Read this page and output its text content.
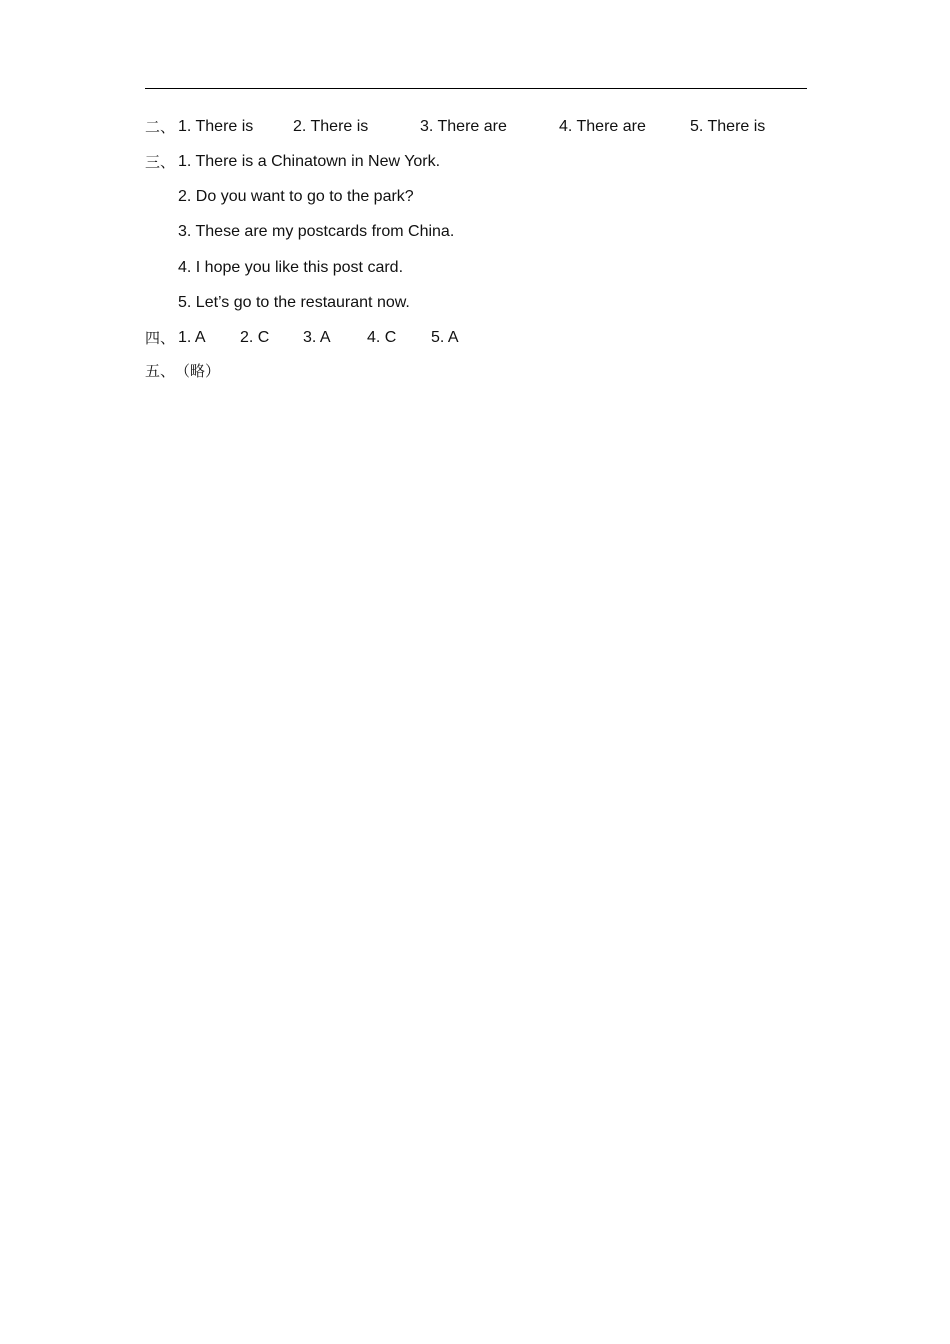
二、 1. There is 2. There is	3. There are	4. There are	5. There is
三、 1. There is a Chinatown in New York.
2. Do you want to go to the park?
3. These are my postcards from China.
4. I hope you like this post card.
5. Let’s go to the restaurant now.
四、 1. A 2. C 3. A 4. C 5. A
五、 （略）
